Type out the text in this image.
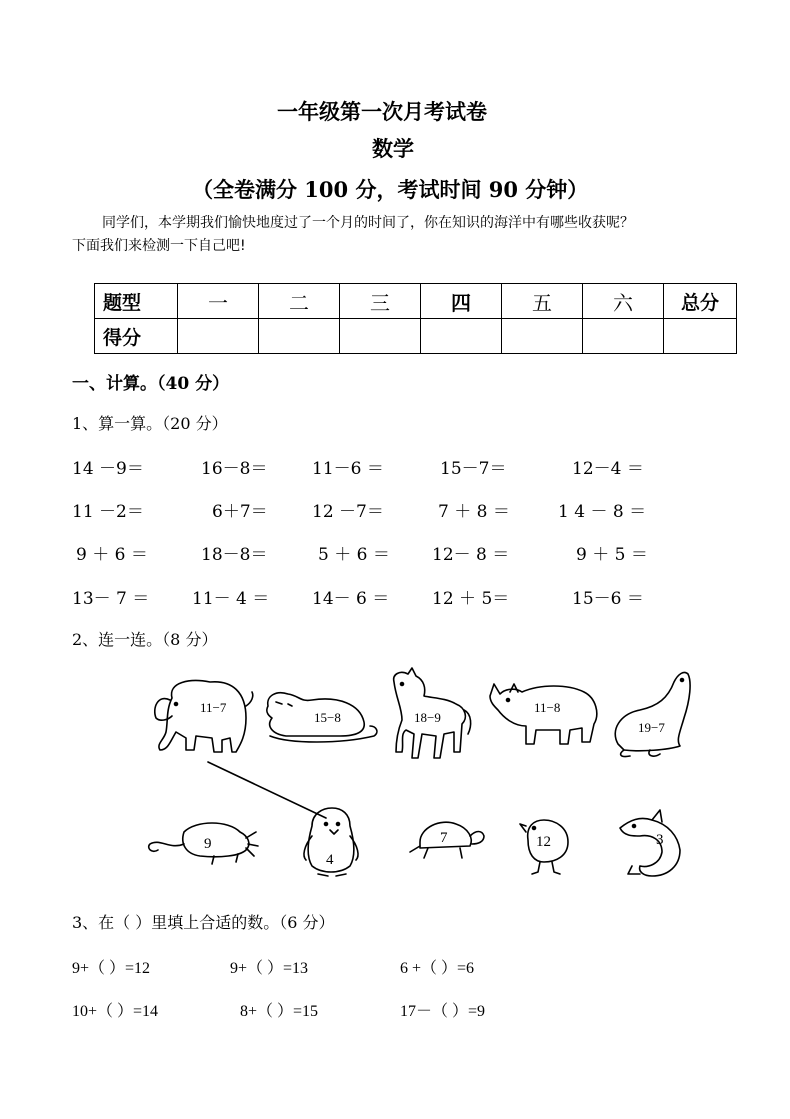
一年级第一次月考试卷
数学
（全卷满分 100 分，考试时间 90 分钟）
同学们，本学期我们愉快地度过了一个月的时间了，你在知识的海洋中有哪些收获呢？
下面我们来检测一下自己吧!
题型	一	二	三	四	五	六	总分
得分							
一、计算。（40 分）
1、算一算。（20 分）
14 －9＝	16－8＝	11－6 ＝	15－7＝	12－4 ＝
11 －2＝	6＋7＝	12 －7＝	7 ＋ 8 ＝	1 4 － 8 ＝
9 ＋ 6 ＝	18－8＝	5 ＋ 6 ＝ 12－ 8 ＝	9 ＋ 5 ＝
13－ 7 ＝	11－ 4 ＝	14－ 6 ＝	12 ＋ 5＝	15－6 ＝
2、连一连。（8 分）
11−7
15−8	18−9
11−8
19−7
9
4
7	12	3
3、在（ ）里填上合适的数。（6 分）
9+（ ）=12	9+（ ）=13	6 +（ ）=6
10+（ ）=14	8+（ ）=15	17－（ ）=9
